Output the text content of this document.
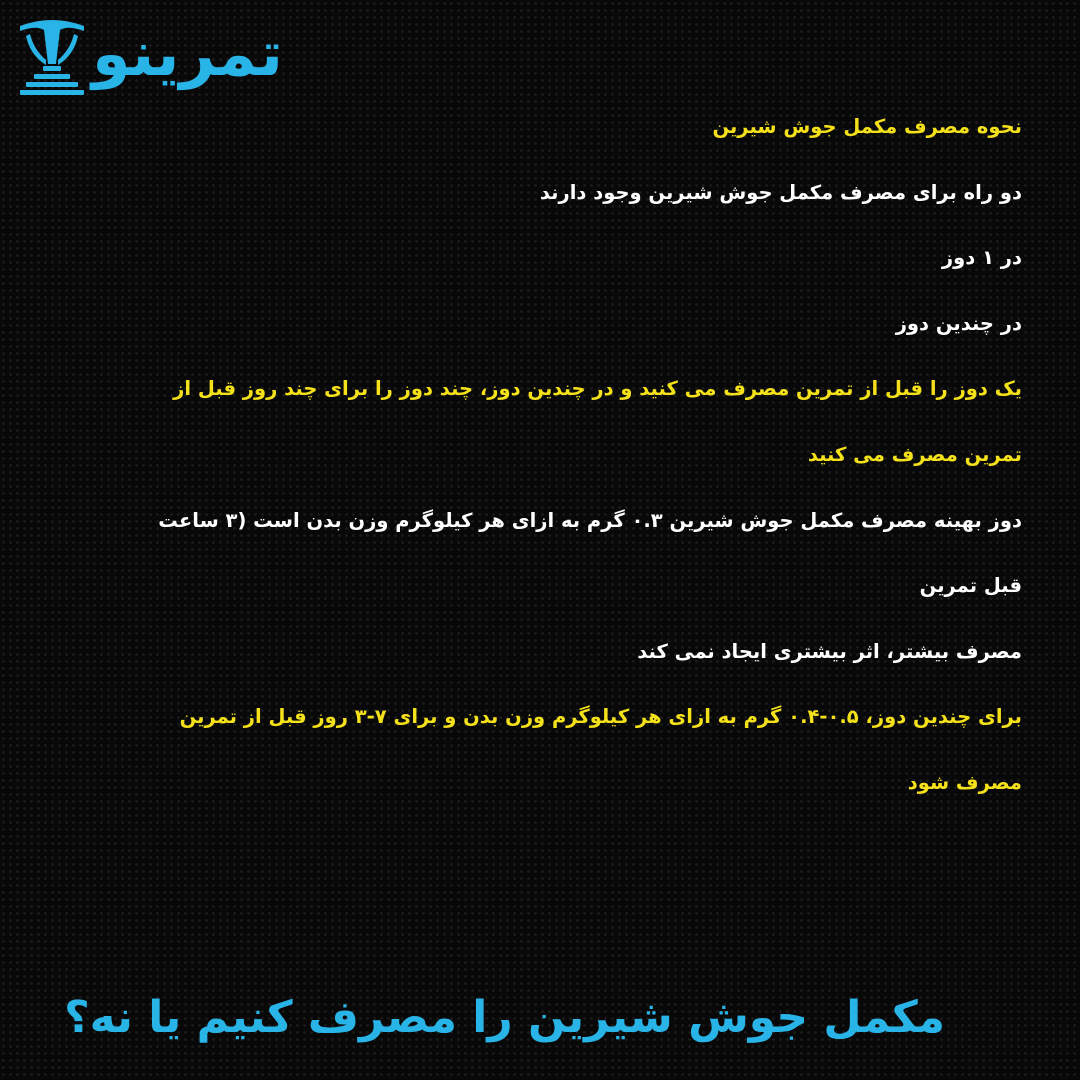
تمرینو
نحوه مصرف مکمل جوش شیرین
دو راه برای مصرف مکمل جوش شیرین وجود دارند
در ۱ دوز
در چندین دوز
یک دوز را قبل از تمرین مصرف می کنید و در چندین دوز، چند دوز را برای چند روز قبل از
تمرین مصرف می کنید
دوز بهینه مصرف مکمل جوش شیرین ۰.۳ گرم به ازای هر کیلوگرم وزن بدن است (۳ ساعت
قبل تمرین
مصرف بیشتر، اثر بیشتری ایجاد نمی کند
برای چندین دوز، ۰.۵-۰.۴ گرم به ازای هر کیلوگرم وزن بدن و برای ۷-۳ روز قبل از تمرین
مصرف شود
مکمل جوش شیرین را مصرف کنیم یا نه؟
